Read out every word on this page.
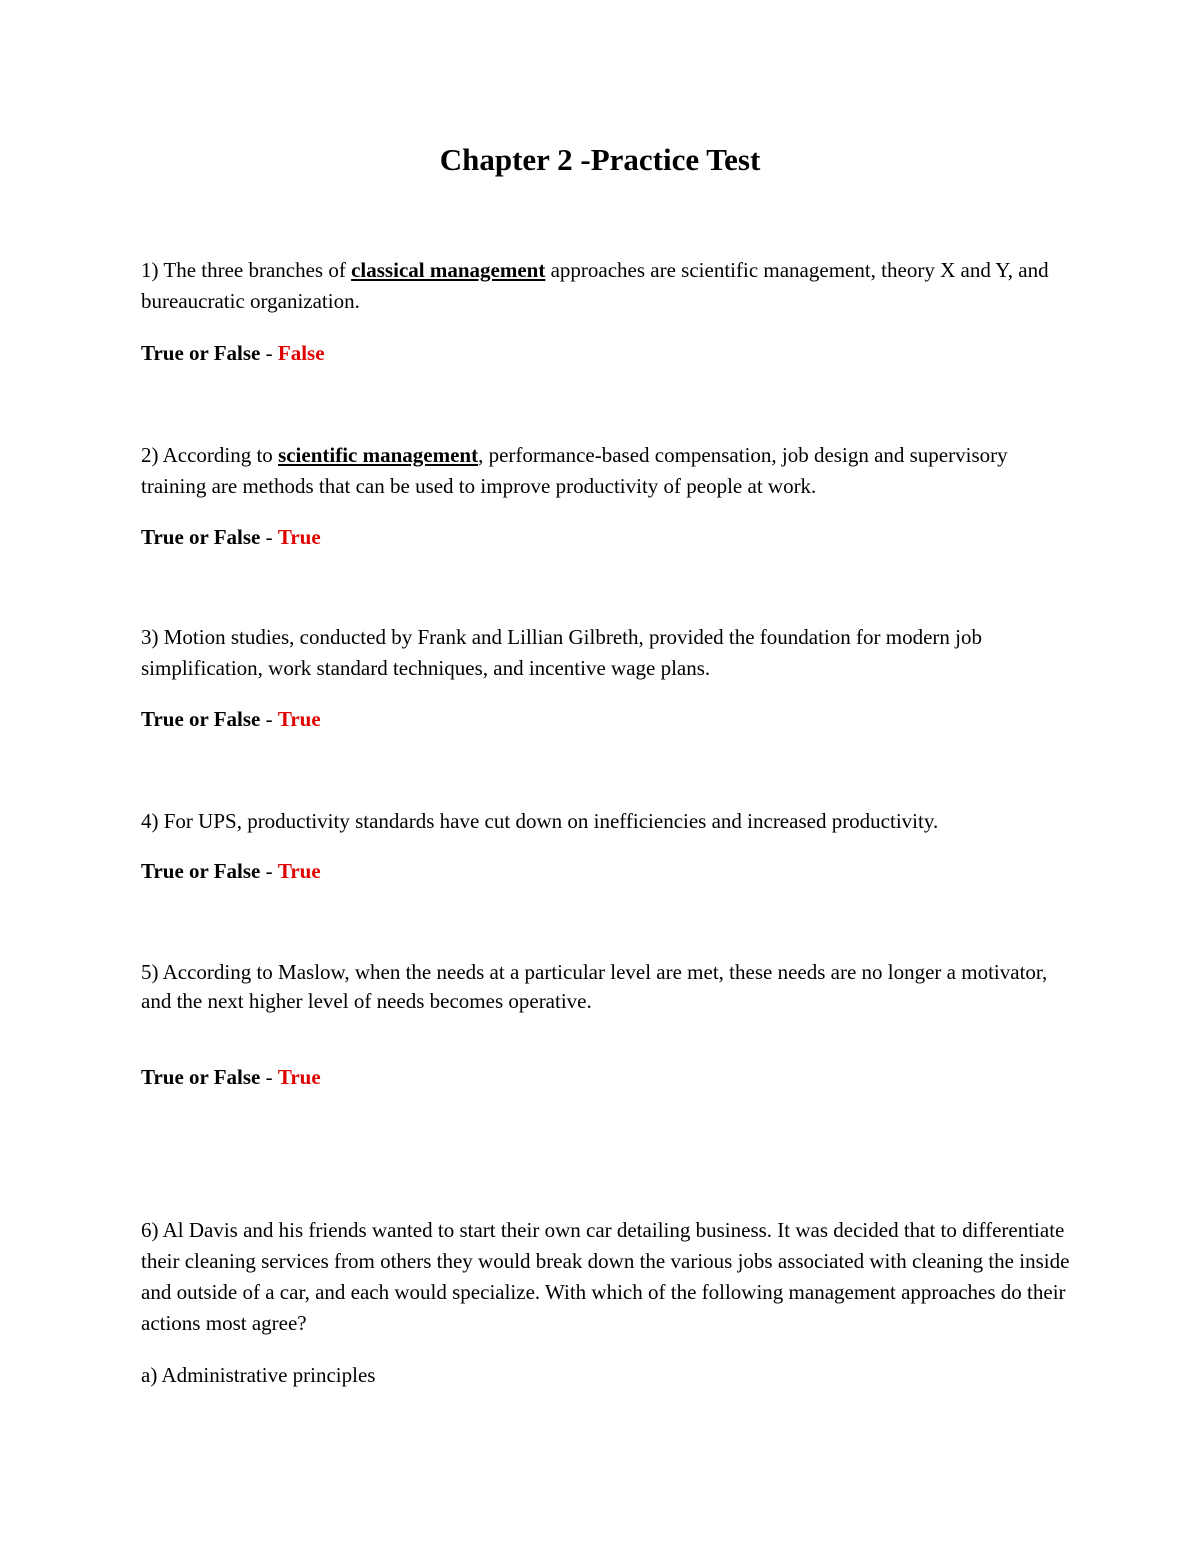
Chapter 2 -Practice Test
1) The three branches of classical management approaches are scientific management, theory X and Y, and bureaucratic organization.
True or False - False
2) According to scientific management, performance-based compensation, job design and supervisory training are methods that can be used to improve productivity of people at work.
True or False - True
3) Motion studies, conducted by Frank and Lillian Gilbreth, provided the foundation for modern job simplification, work standard techniques, and incentive wage plans.
True or False - True
4) For UPS, productivity standards have cut down on inefficiencies and increased productivity.
True or False - True
5) According to Maslow, when the needs at a particular level are met, these needs are no longer a motivator, and the next higher level of needs becomes operative.
True or False - True
6) Al Davis and his friends wanted to start their own car detailing business. It was decided that to differentiate their cleaning services from others they would break down the various jobs associated with cleaning the inside and outside of a car, and each would specialize. With which of the following management approaches do their actions most agree?
a) Administrative principles
